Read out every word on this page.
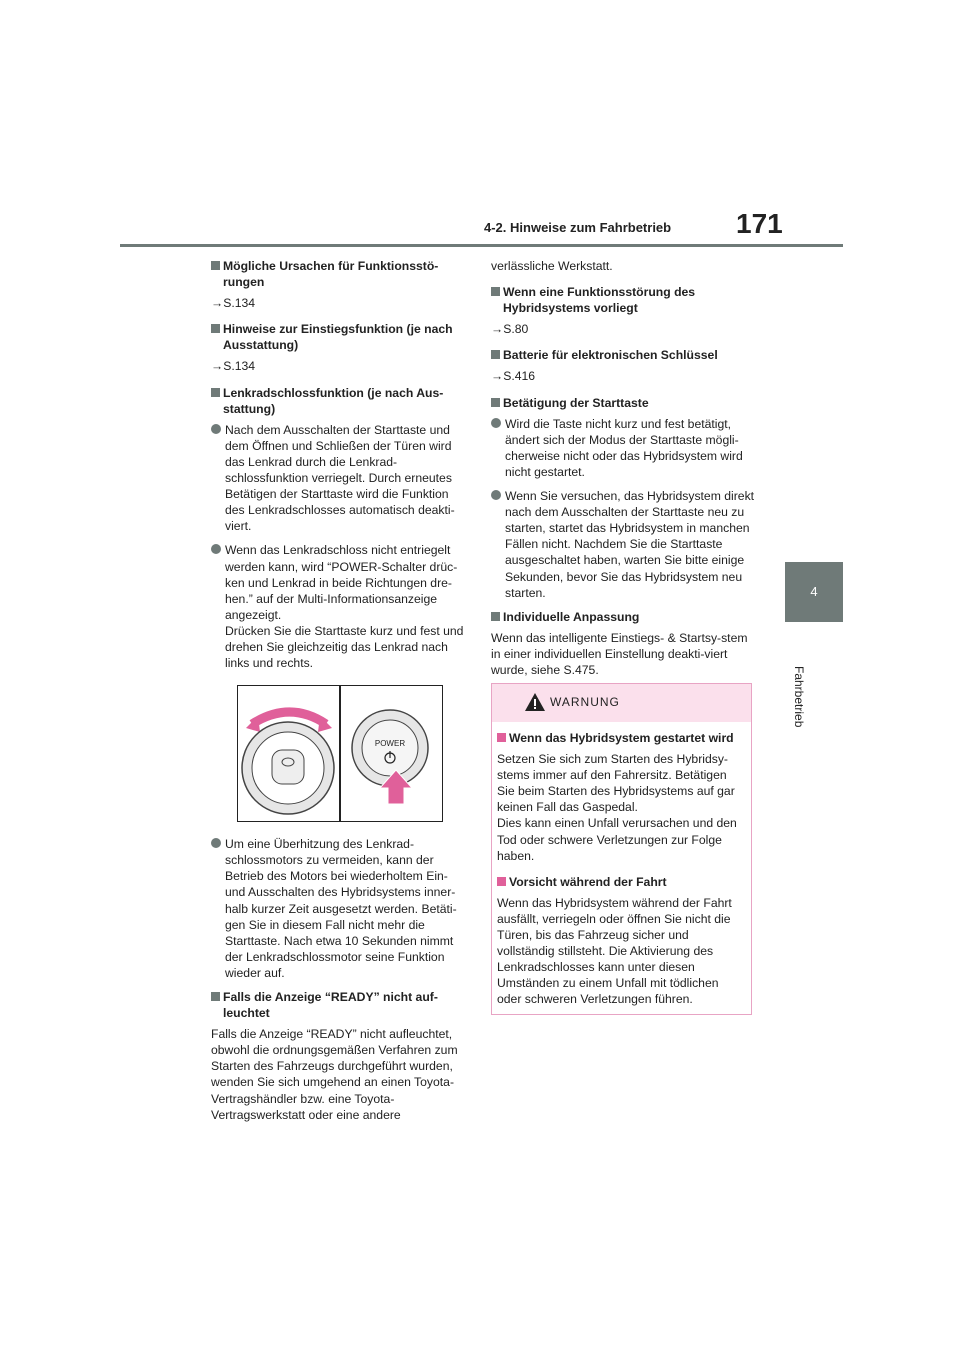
4-2. Hinweise zum Fahrbetrieb 171
4
Fahrbetrieb
Mögliche Ursachen für Funktionsstö-rungen
→S.134
Hinweise zur Einstiegsfunktion (je nach Ausstattung)
→S.134
Lenkradschlossfunktion (je nach Aus-stattung)
Nach dem Ausschalten der Starttaste und dem Öffnen und Schließen der Türen wird das Lenkrad durch die Lenkrad-schlossfunktion verriegelt. Durch erneutes Betätigen der Starttaste wird die Funktion des Lenkradschlosses automatisch deakti-viert.
Wenn das Lenkradschloss nicht entriegelt werden kann, wird “POWER-Schalter drüc-ken und Lenkrad in beide Richtungen dre-hen.” auf der Multi-Informationsanzeige angezeigt.
Drücken Sie die Starttaste kurz und fest und drehen Sie gleichzeitig das Lenkrad nach links und rechts.
POWER
Um eine Überhitzung des Lenkrad-schlossmotors zu vermeiden, kann der Betrieb des Motors bei wiederholtem Ein- und Ausschalten des Hybridsystems inner-halb kurzer Zeit ausgesetzt werden. Betäti-gen Sie in diesem Fall nicht mehr die Starttaste. Nach etwa 10 Sekunden nimmt der Lenkradschlossmotor seine Funktion wieder auf.
Falls die Anzeige “READY” nicht auf-leuchtet
Falls die Anzeige “READY” nicht aufleuchtet, obwohl die ordnungsgemäßen Verfahren zum Starten des Fahrzeugs durchgeführt wurden, wenden Sie sich umgehend an einen Toyota-Vertragshändler bzw. eine Toyota-Vertragswerkstatt oder eine andere
verlässliche Werkstatt.
Wenn eine Funktionsstörung des Hybridsystems vorliegt
→S.80
Batterie für elektronischen Schlüssel
→S.416
Betätigung der Starttaste
Wird die Taste nicht kurz und fest betätigt, ändert sich der Modus der Starttaste mögli-cherweise nicht oder das Hybridsystem wird nicht gestartet.
Wenn Sie versuchen, das Hybridsystem direkt nach dem Ausschalten der Starttaste neu zu starten, startet das Hybridsystem in manchen Fällen nicht. Nachdem Sie die Starttaste ausgeschaltet haben, warten Sie bitte einige Sekunden, bevor Sie das Hybridsystem neu starten.
Individuelle Anpassung
Wenn das intelligente Einstiegs- & Startsy-stem in einer individuellen Einstellung deakti-viert wurde, siehe S.475.
WARNUNG
Wenn das Hybridsystem gestartet wird
Setzen Sie sich zum Starten des Hybridsy-stems immer auf den Fahrersitz. Betätigen Sie beim Starten des Hybridsystems auf gar keinen Fall das Gaspedal.
Dies kann einen Unfall verursachen und den Tod oder schwere Verletzungen zur Folge haben.
Vorsicht während der Fahrt
Wenn das Hybridsystem während der Fahrt ausfällt, verriegeln oder öffnen Sie nicht die Türen, bis das Fahrzeug sicher und vollständig stillsteht. Die Aktivierung des Lenkradschlosses kann unter diesen Umständen zu einem Unfall mit tödlichen oder schweren Verletzungen führen.
